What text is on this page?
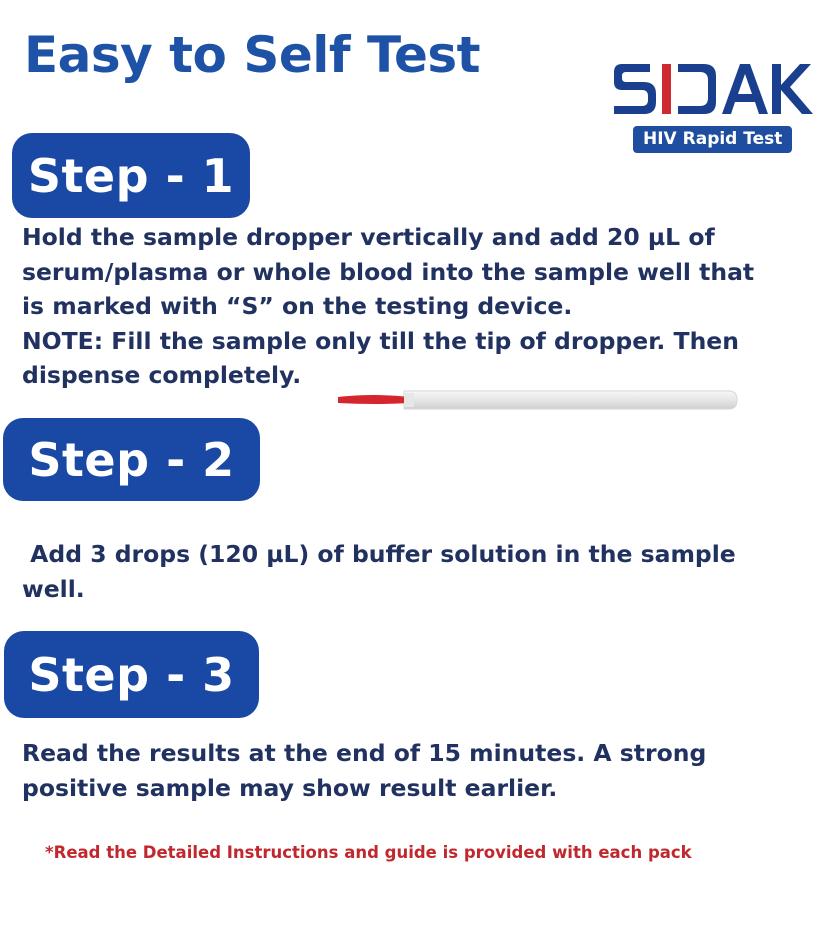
Easy to Self Test
HIV Rapid Test
Step - 1

Hold the sample dropper vertically and add 20 µL of
serum/plasma or whole blood into the sample well that
is marked with “S” on the testing device.
NOTE: Fill the sample only till the tip of dropper. Then
dispense completely.

Step - 2

Add 3 drops (120 µL) of buffer solution in the sample
well.

Step - 3

Read the results at the end of 15 minutes. A strong
positive sample may show result earlier.

*Read the Detailed Instructions and guide is provided with each pack
